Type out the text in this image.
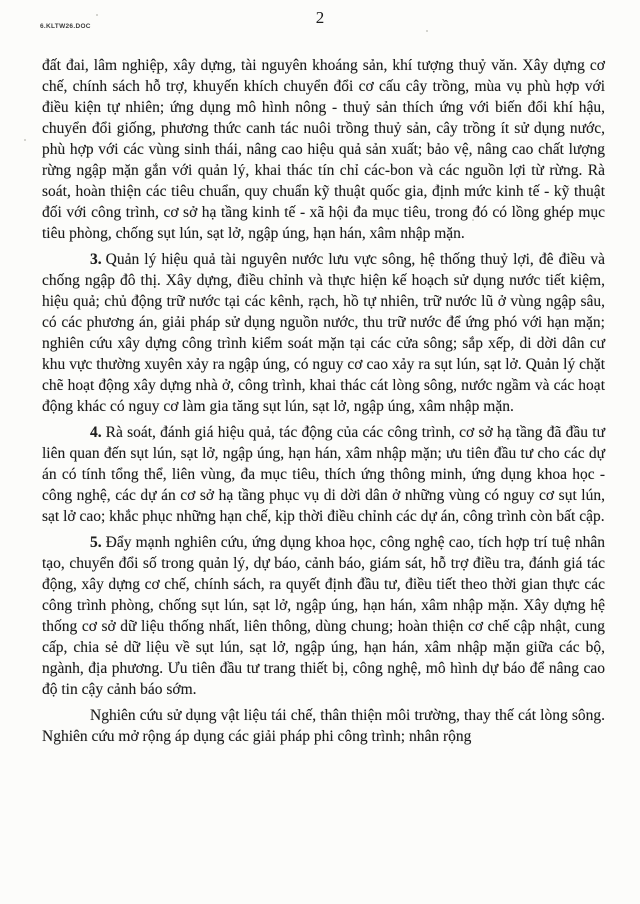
6.KLTW26.DOC	2

đất đai, lâm nghiệp, xây dựng, tài nguyên khoáng sản, khí tượng thuỷ văn. Xây dựng cơ chế, chính sách hỗ trợ, khuyến khích chuyển đổi cơ cấu cây trồng, mùa vụ phù hợp với điều kiện tự nhiên; ứng dụng mô hình nông - thuỷ sản thích ứng với biến đổi khí hậu, chuyển đổi giống, phương thức canh tác nuôi trồng thuỷ sản, cây trồng ít sử dụng nước, phù hợp với các vùng sinh thái, nâng cao hiệu quả sản xuất; bảo vệ, nâng cao chất lượng rừng ngập mặn gắn với quản lý, khai thác tín chỉ các-bon và các nguồn lợi từ rừng. Rà soát, hoàn thiện các tiêu chuẩn, quy chuẩn kỹ thuật quốc gia, định mức kinh tế - kỹ thuật đối với công trình, cơ sở hạ tầng kinh tế - xã hội đa mục tiêu, trong đó có lồng ghép mục tiêu phòng, chống sụt lún, sạt lở, ngập úng, hạn hán, xâm nhập mặn.

3. Quản lý hiệu quả tài nguyên nước lưu vực sông, hệ thống thuỷ lợi, đê điều và chống ngập đô thị. Xây dựng, điều chỉnh và thực hiện kế hoạch sử dụng nước tiết kiệm, hiệu quả; chủ động trữ nước tại các kênh, rạch, hồ tự nhiên, trữ nước lũ ở vùng ngập sâu, có các phương án, giải pháp sử dụng nguồn nước, thu trữ nước để ứng phó với hạn mặn; nghiên cứu xây dựng công trình kiểm soát mặn tại các cửa sông; sắp xếp, di dời dân cư khu vực thường xuyên xảy ra ngập úng, có nguy cơ cao xảy ra sụt lún, sạt lở. Quản lý chặt chẽ hoạt động xây dựng nhà ở, công trình, khai thác cát lòng sông, nước ngầm và các hoạt động khác có nguy cơ làm gia tăng sụt lún, sạt lở, ngập úng, xâm nhập mặn.

4. Rà soát, đánh giá hiệu quả, tác động của các công trình, cơ sở hạ tầng đã đầu tư liên quan đến sụt lún, sạt lở, ngập úng, hạn hán, xâm nhập mặn; ưu tiên đầu tư cho các dự án có tính tổng thể, liên vùng, đa mục tiêu, thích ứng thông minh, ứng dụng khoa học - công nghệ, các dự án cơ sở hạ tầng phục vụ di dời dân ở những vùng có nguy cơ sụt lún, sạt lở cao; khắc phục những hạn chế, kịp thời điều chỉnh các dự án, công trình còn bất cập.

5. Đẩy mạnh nghiên cứu, ứng dụng khoa học, công nghệ cao, tích hợp trí tuệ nhân tạo, chuyển đổi số trong quản lý, dự báo, cảnh báo, giám sát, hỗ trợ điều tra, đánh giá tác động, xây dựng cơ chế, chính sách, ra quyết định đầu tư, điều tiết theo thời gian thực các công trình phòng, chống sụt lún, sạt lở, ngập úng, hạn hán, xâm nhập mặn. Xây dựng hệ thống cơ sở dữ liệu thống nhất, liên thông, dùng chung; hoàn thiện cơ chế cập nhật, cung cấp, chia sẻ dữ liệu về sụt lún, sạt lở, ngập úng, hạn hán, xâm nhập mặn giữa các bộ, ngành, địa phương. Ưu tiên đầu tư trang thiết bị, công nghệ, mô hình dự báo để nâng cao độ tin cậy cảnh báo sớm.

Nghiên cứu sử dụng vật liệu tái chế, thân thiện môi trường, thay thế cát lòng sông. Nghiên cứu mở rộng áp dụng các giải pháp phi công trình; nhân rộng
